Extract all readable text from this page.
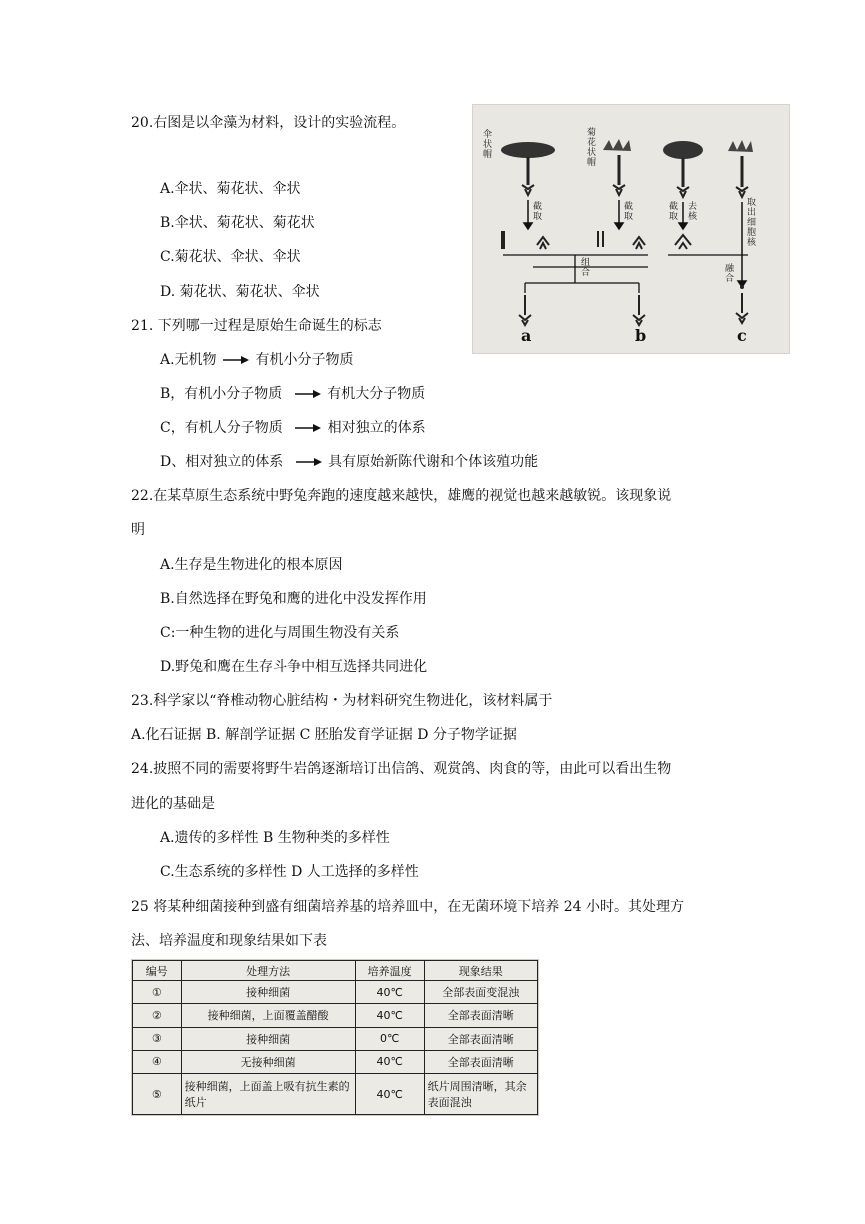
20.右图是以伞藻为材料，设计的实验流程。
A.伞状、菊花状、伞状
B.伞状、菊花状、菊花状
C.菊花状、伞状、伞状
D. 菊花状、菊花状、伞状
伞状帽
菊花状帽
截取
截取
截取
去核
取出细胞核
组合	融合
a	b	c
21. 下列哪一过程是原始生命诞生的标志
A.无机物	有机小分子物质
B，有机小分子物质	有机大分子物质
C，有机人分子物质	相对独立的体系
D、相对独立的体系	具有原始新陈代谢和个体该殖功能
22.在某草原生态系统中野兔奔跑的速度越来越快，雄鹰的视觉也越来越敏锐。该现象说
明
A.生存是生物进化的根本原因
B.自然选择在野兔和鹰的进化中没发挥作用
C:一种生物的进化与周围生物没有关系
D.野兔和鹰在生存斗争中相互选择共同进化
23.科学家以“脊椎动物心脏结构・为材料研究生物进化，该材料属于
A.化石证据 B. 解剖学证据 C 胚胎发育学证据 D 分子物学证据
24.披照不同的需要将野牛岩鸽逐渐培订出信鸽、观赏鸽、肉食的等，由此可以看出生物
进化的基础是
A.遗传的多样性 B 生物种类的多样性
C.生态系统的多样性 D 人工选择的多样性
25 将某种细菌接种到盛有细菌培养基的培养皿中，在无菌环境下培养 24 小时。其处理方
法、培养温度和现象结果如下表
编号	处理方法	培养温度	现象结果
①	接种细菌	40℃	全部表面变混浊
②	接种细菌，上面覆盖醋酸	40℃	全部表面清晰
③	接种细菌	0℃	全部表面清晰
④	无接种细菌	40℃	全部表面清晰
⑤	接种细菌，上面盖上吸有抗生素的纸片	40℃	纸片周围清晰，其余表面混浊
